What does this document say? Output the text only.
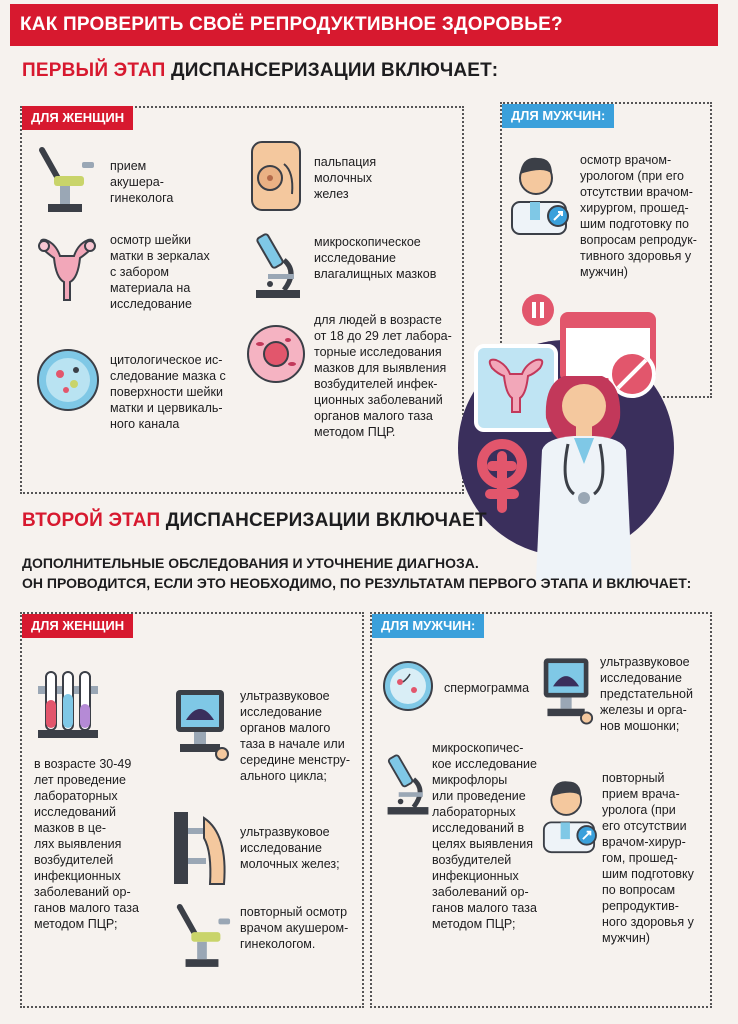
КАК ПРОВЕРИТЬ СВОЁ РЕПРОДУКТИВНОЕ ЗДОРОВЬЕ?
ПЕРВЫЙ ЭТАП ДИСПАНСЕРИЗАЦИИ ВКЛЮЧАЕТ:
ДЛЯ ЖЕНЩИН	ДЛЯ МУЖЧИН:
прием
акушера-
гинеколога
осмотр шейки
матки в зеркалах
с забором
материала на
исследование
цитологическое ис-
следование мазка с
поверхности шейки
матки и цервикаль-
ного канала
пальпация
молочных
желез
микроскопическое
исследование
влагалищных мазков
для людей в возрасте
от 18 до 29 лет лабора-
торные исследования
мазков для выявления
возбудителей инфек-
ционных заболеваний
органов малого таза
методом ПЦР.
осмотр врачом-
урологом (при его
отсутствии врачом-
хирургом, прошед-
шим подготовку по
вопросам репродук-
тивного здоровья у
мужчин)
ВТОРОЙ ЭТАП ДИСПАНСЕРИЗАЦИИ ВКЛЮЧАЕТ
ДОПОЛНИТЕЛЬНЫЕ ОБСЛЕДОВАНИЯ И УТОЧНЕНИЕ ДИАГНОЗА.
ОН ПРОВОДИТСЯ, ЕСЛИ ЭТО НЕОБХОДИМО, ПО РЕЗУЛЬТАТАМ ПЕРВОГО ЭТАПА И ВКЛЮЧАЕТ:
ДЛЯ ЖЕНЩИН	ДЛЯ МУЖЧИН:
в возрасте 30-49
лет проведение
лабораторных
исследований
мазков в це-
лях выявления
возбудителей
инфекционных
заболеваний ор-
ганов малого таза
методом ПЦР;
ультразвуковое
исследование
органов малого
таза в начале или
середине менстру-
ального цикла;
ультразвуковое
исследование
молочных желез;
повторный осмотр
врачом акушером-
гинекологом.
спермограмма
микроскопичес-
кое исследование
микрофлоры
или проведение
лабораторных
исследований в
целях выявления
возбудителей
инфекционных
заболеваний ор-
ганов малого таза
методом ПЦР;
ультразвуковое
исследование
предстательной
железы и орга-
нов мошонки;
повторный
прием врача-
уролога (при
его отсутствии
врачом-хирур-
гом, прошед-
шим подготовку
по вопросам
репродуктив-
ного здоровья у
мужчин)
